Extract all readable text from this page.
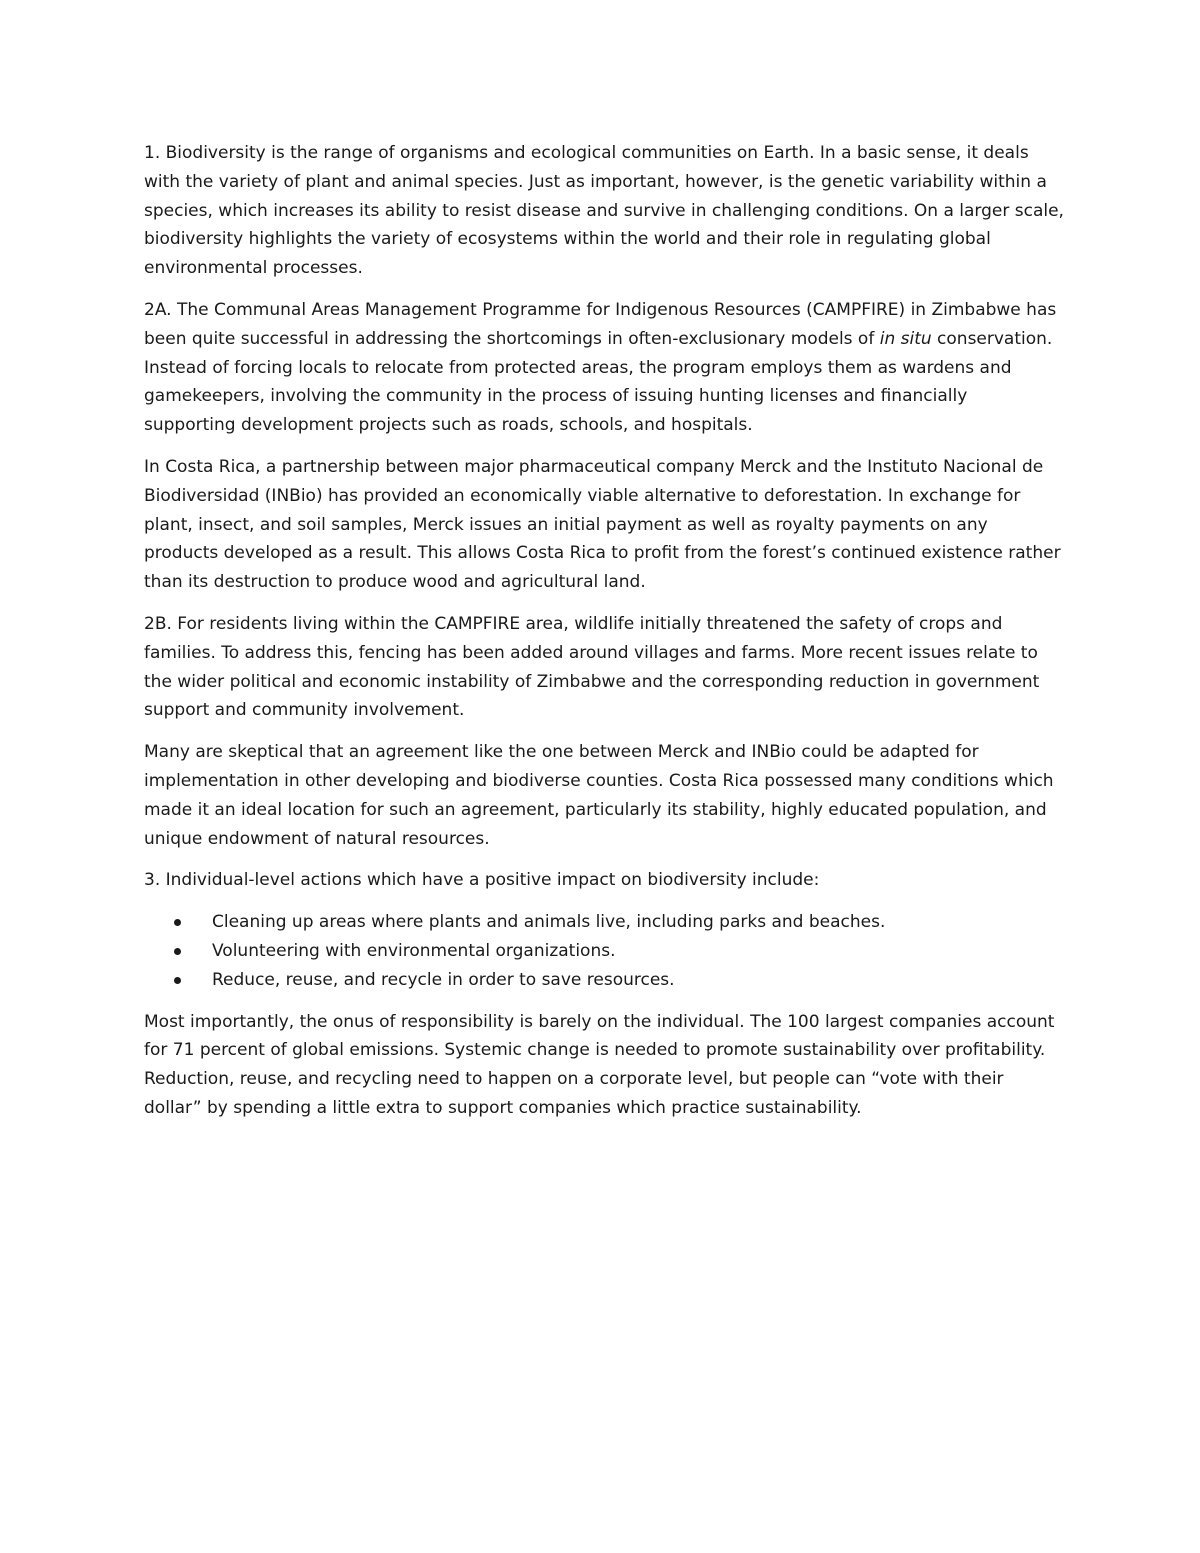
1. Biodiversity is the range of organisms and ecological communities on Earth. In a basic sense, it deals with the variety of plant and animal species. Just as important, however, is the genetic variability within a species, which increases its ability to resist disease and survive in challenging conditions. On a larger scale, biodiversity highlights the variety of ecosystems within the world and their role in regulating global environmental processes.

2A. The Communal Areas Management Programme for Indigenous Resources (CAMPFIRE) in Zimbabwe has been quite successful in addressing the shortcomings in often-exclusionary models of in situ conservation. Instead of forcing locals to relocate from protected areas, the program employs them as wardens and gamekeepers, involving the community in the process of issuing hunting licenses and financially supporting development projects such as roads, schools, and hospitals.

In Costa Rica, a partnership between major pharmaceutical company Merck and the Instituto Nacional de Biodiversidad (INBio) has provided an economically viable alternative to deforestation. In exchange for plant, insect, and soil samples, Merck issues an initial payment as well as royalty payments on any products developed as a result. This allows Costa Rica to profit from the forest’s continued existence rather than its destruction to produce wood and agricultural land.

2B. For residents living within the CAMPFIRE area, wildlife initially threatened the safety of crops and families. To address this, fencing has been added around villages and farms. More recent issues relate to the wider political and economic instability of Zimbabwe and the corresponding reduction in government support and community involvement.

Many are skeptical that an agreement like the one between Merck and INBio could be adapted for implementation in other developing and biodiverse counties. Costa Rica possessed many conditions which made it an ideal location for such an agreement, particularly its stability, highly educated population, and unique endowment of natural resources.

3. Individual-level actions which have a positive impact on biodiversity include:

Cleaning up areas where plants and animals live, including parks and beaches.
Volunteering with environmental organizations.
Reduce, reuse, and recycle in order to save resources.

Most importantly, the onus of responsibility is barely on the individual. The 100 largest companies account for 71 percent of global emissions. Systemic change is needed to promote sustainability over profitability. Reduction, reuse, and recycling need to happen on a corporate level, but people can “vote with their dollar” by spending a little extra to support companies which practice sustainability.
